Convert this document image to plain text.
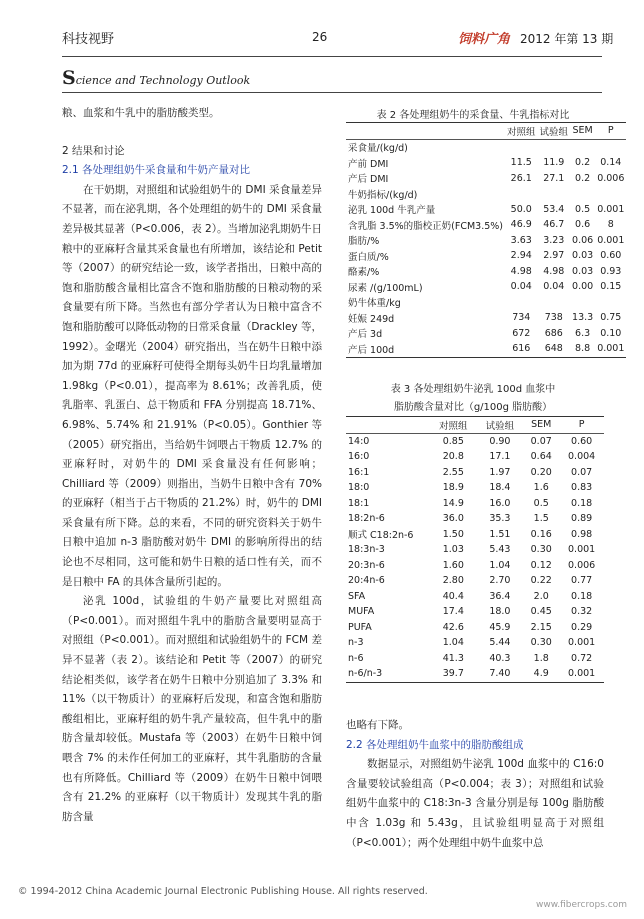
科技视野	26	饲料广角 2012 年第 13 期
Science and Technology Outlook

粮、血浆和牛乳中的脂肪酸类型。

2 结果和讨论

2.1 各处理组奶牛采食量和牛奶产量对比

在干奶期，对照组和试验组奶牛的 DMI 采食量差异不显著，而在泌乳期，各个处理组的奶牛的 DMI 采食量差异极其显著（P<0.006，表 2）。当增加泌乳期奶牛日粮中的亚麻籽含量其采食量也有所增加，该结论和 Petit 等（2007）的研究结论一致，该学者指出，日粮中高的饱和脂肪酸含量相比富含不饱和脂肪酸的日粮动物的采食量要有所下降。当然也有部分学者认为日粮中富含不饱和脂肪酸可以降低动物的日常采食量（Drackley 等，1992）。金曙光（2004）研究指出，当在奶牛日粮中添加为期 77d 的亚麻籽可使得全期每头奶牛日均乳量增加 1.98kg（P<0.01），提高率为 8.61%；改善乳质，使乳脂率、乳蛋白、总干物质和 FFA 分别提高 18.71%、6.98%、5.74% 和 21.91%（P<0.05）。Gonthier 等（2005）研究指出，当给奶牛饲喂占干物质 12.7% 的亚麻籽时，对奶牛的 DMI 采食量没有任何影响；Chilliard 等（2009）则指出，当奶牛日粮中含有 70% 的亚麻籽（相当于占干物质的 21.2%）时，奶牛的 DMI 采食量有所下降。总的来看，不同的研究资料关于奶牛日粮中追加 n-3 脂肪酸对奶牛 DMI 的影响所得出的结论也不尽相同，这可能和奶牛日粮的适口性有关，而不是日粮中 FA 的具体含量所引起的。

泌乳 100d，试验组的牛奶产量要比对照组高（P<0.001）。而对照组牛乳中的脂肪含量要明显高于对照组（P<0.001）。而对照组和试验组奶牛的 FCM 差异不显著（表 2）。该结论和 Petit 等（2007）的研究结论相类似，该学者在奶牛日粮中分别追加了 3.3% 和 11%（以干物质计）的亚麻籽后发现，和富含饱和脂肪酸组相比，亚麻籽组的奶牛乳产量较高，但牛乳中的脂肪含量却较低。Mustafa 等（2003）在奶牛日粮中饲喂含 7% 的未作任何加工的亚麻籽，其牛乳脂肪的含量也有所降低。Chilliard 等（2009）在奶牛日粮中饲喂含有 21.2% 的亚麻籽（以干物质计）发现其牛乳的脂肪含量

表 2 各处理组奶牛的采食量、牛乳指标对比
	对照组	试验组	SEM	P
采食量/(kg/d)				
产前 DMI	11.5	11.9	0.2	0.14
产后 DMI	26.1	27.1	0.2	0.006
牛奶指标/(kg/d)				
泌乳 100d 牛乳产量	50.0	53.4	0.5	0.001
含乳脂 3.5%的脂校正奶(FCM3.5%)	46.9	46.7	0.6	8
脂肪/%	3.63	3.23	0.06	0.001
蛋白质/%	2.94	2.97	0.03	0.60
酪素/%	4.98	4.98	0.03	0.93
尿素 /(g/100mL)	0.04	0.04	0.00	0.15
奶牛体重/kg				
妊娠 249d	734	738	13.3	0.75
产后 3d	672	686	6.3	0.10
产后 100d	616	648	8.8	0.001
表 3 各处理组奶牛泌乳 100d 血浆中
脂肪酸含量对比（g/100g 脂肪酸）
	对照组	试验组	SEM	P
14:0	0.85	0.90	0.07	0.60
16:0	20.8	17.1	0.64	0.004
16:1	2.55	1.97	0.20	0.07
18:0	18.9	18.4	1.6	0.83
18:1	14.9	16.0	0.5	0.18
18:2n-6	36.0	35.3	1.5	0.89
顺式 C18:2n-6	1.50	1.51	0.16	0.98
18:3n-3	1.03	5.43	0.30	0.001
20:3n-6	1.60	1.04	0.12	0.006
20:4n-6	2.80	2.70	0.22	0.77
SFA	40.4	36.4	2.0	0.18
MUFA	17.4	18.0	0.45	0.32
PUFA	42.6	45.9	2.15	0.29
n-3	1.04	5.44	0.30	0.001
n-6	41.3	40.3	1.8	0.72
n-6/n-3	39.7	7.40	4.9	0.001

也略有下降。

2.2 各处理组奶牛血浆中的脂肪酸组成

数据显示，对照组奶牛泌乳 100d 血浆中的 C16:0 含量要较试验组高（P<0.004；表 3）；对照组和试验组奶牛血浆中的 C18:3n-3 含量分别是每 100g 脂肪酸中含 1.03g 和 5.43g，且试验组明显高于对照组（P<0.001）；两个处理组中奶牛血浆中总

© 1994-2012 China Academic Journal Electronic Publishing House. All rights reserved.
www.fibercrops.com
